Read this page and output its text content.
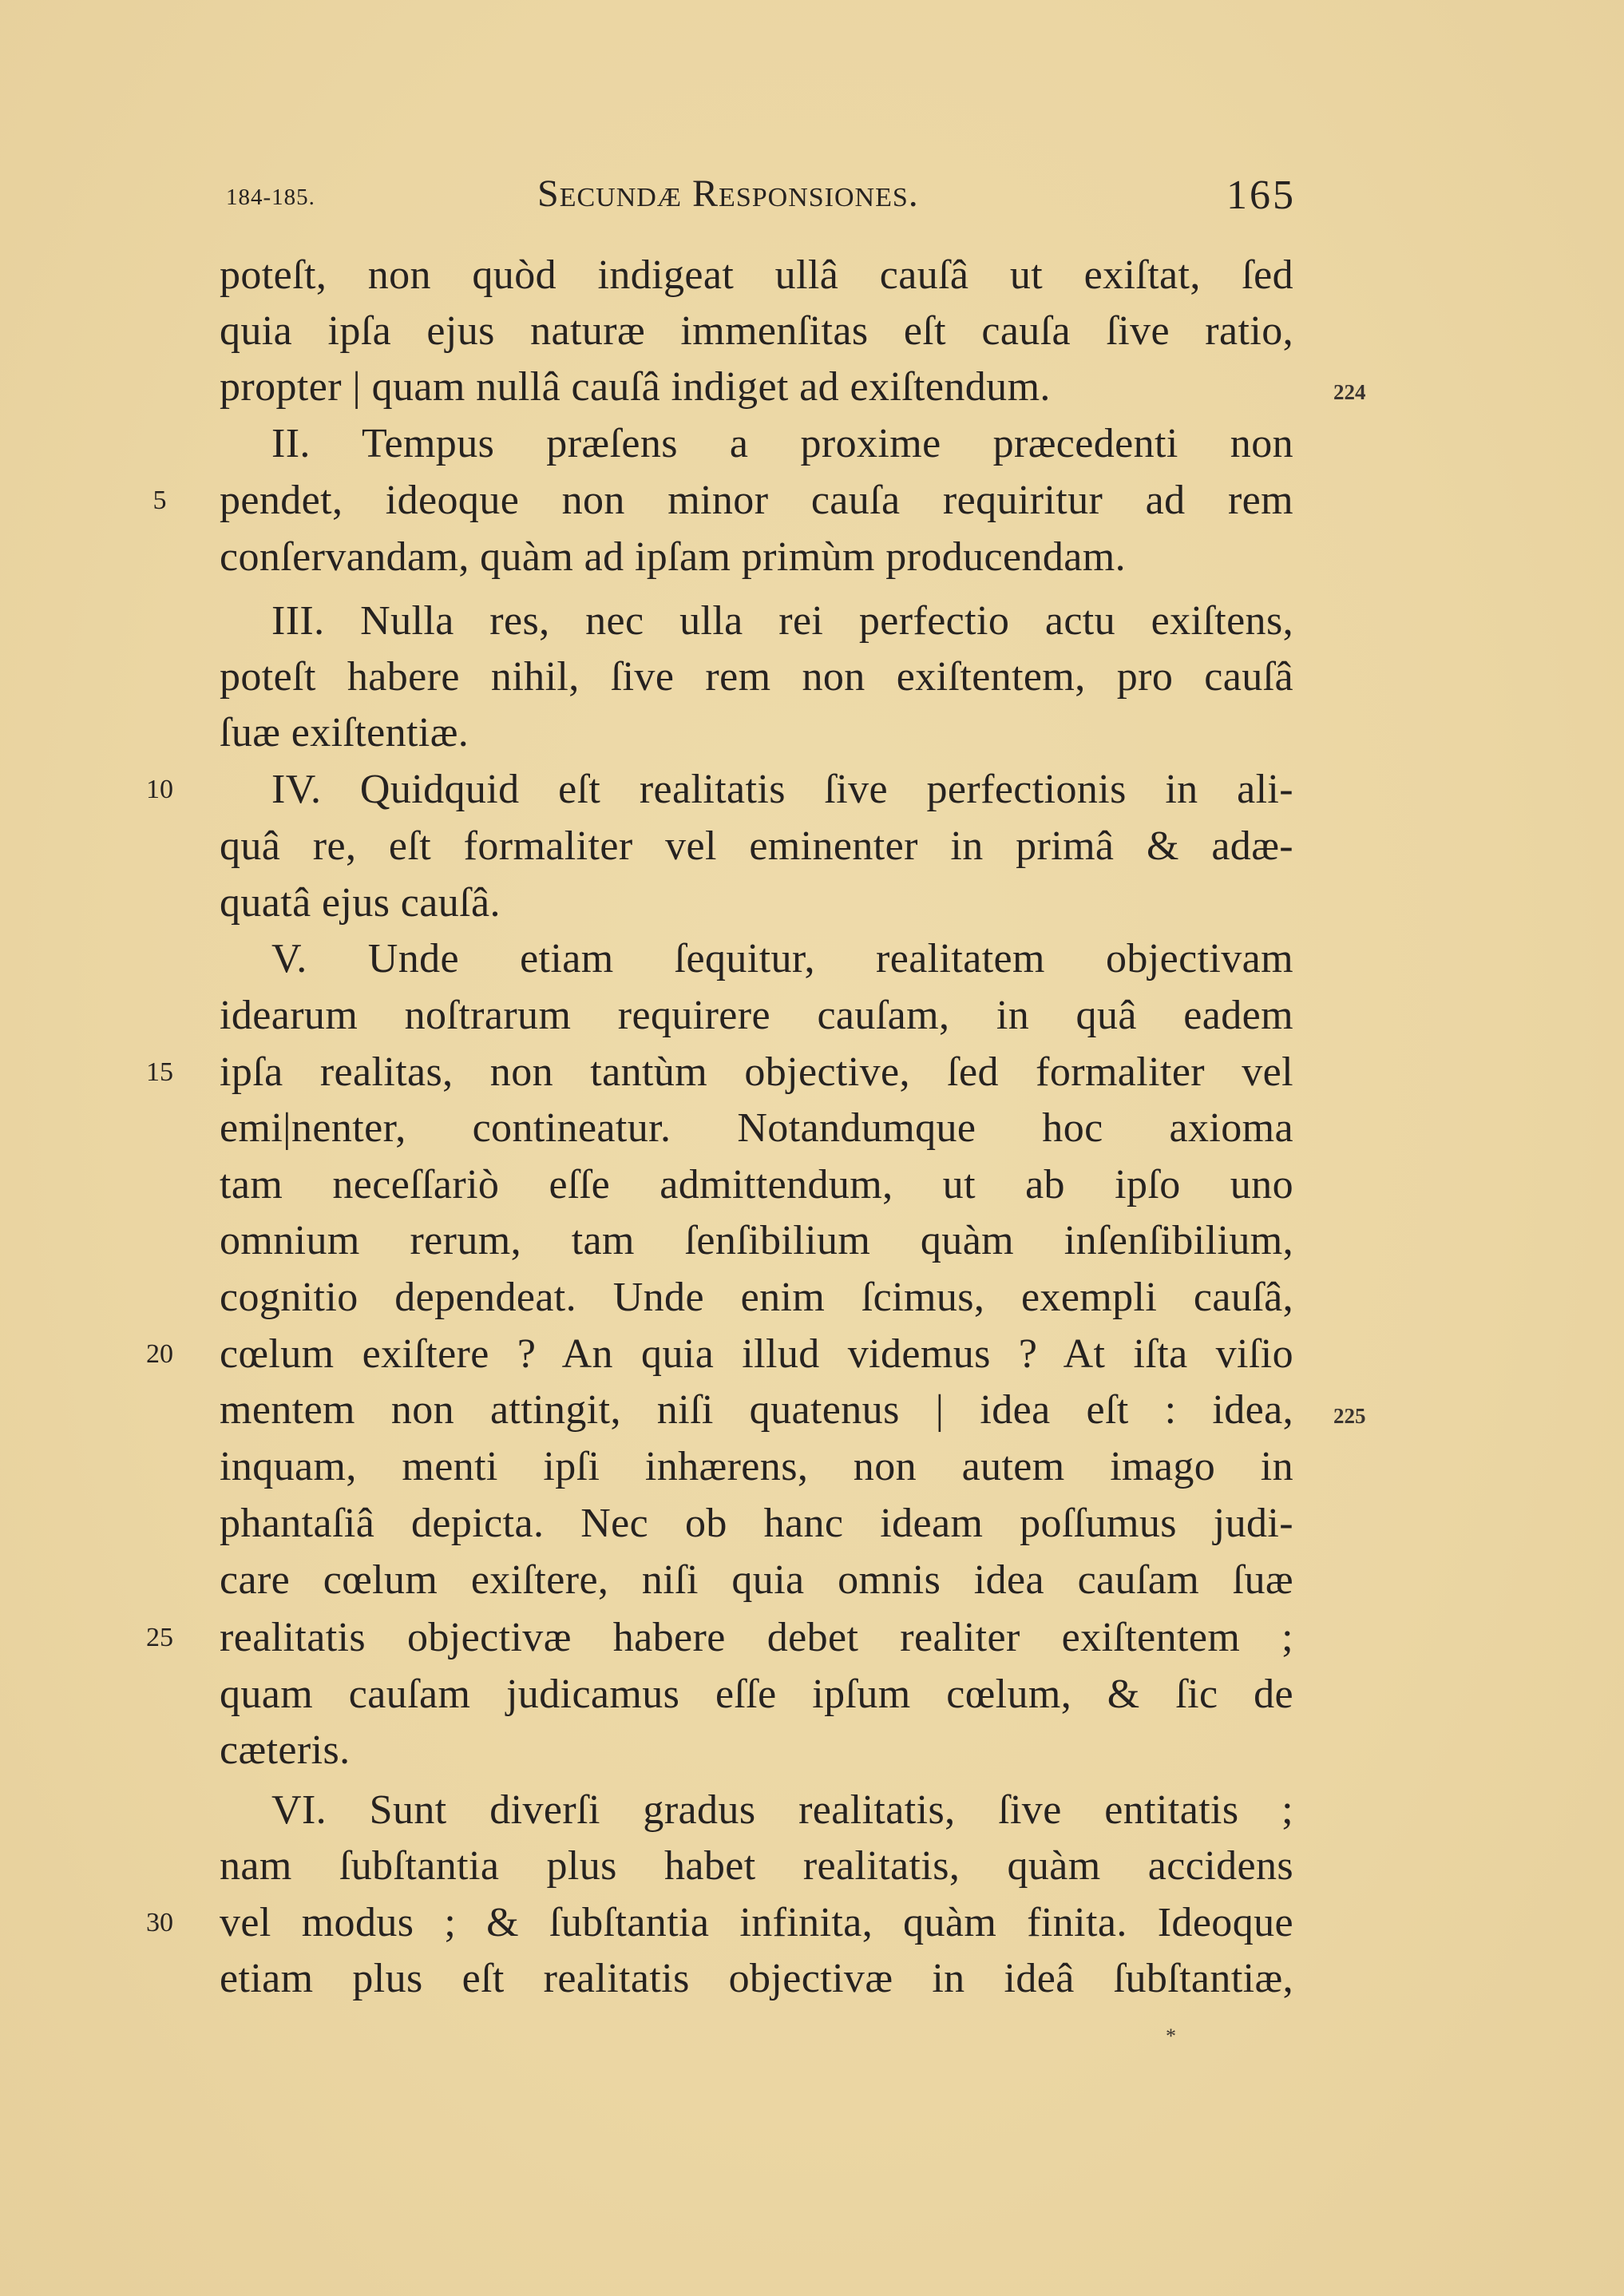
184-185.	Secundæ Responsiones.	165
poteſt, non quòd indigeat ullâ cauſâ ut exiſtat, ſed
quia ipſa ejus naturæ immenſitas eſt cauſa ſive ratio,
propter | quam nullâ cauſâ indiget ad exiſtendum.
II. Tempus præſens a proxime præcedenti non
pendet, ideoque non minor cauſa requiritur ad rem
conſervandam, quàm ad ipſam primùm producendam.
III. Nulla res, nec ulla rei perfectio actu exiſtens,
poteſt habere nihil, ſive rem non exiſtentem, pro cauſâ
ſuæ exiſtentiæ.
IV. Quidquid eſt realitatis ſive perfectionis in ali-
quâ re, eſt formaliter vel eminenter in primâ & adæ-
quatâ ejus cauſâ.
V. Unde etiam ſequitur, realitatem objectivam
idearum noſtrarum requirere cauſam, in quâ eadem
ipſa realitas, non tantùm objective, ſed formaliter vel
emi|nenter, contineatur. Notandumque hoc axioma
tam neceſſariò eſſe admittendum, ut ab ipſo uno
omnium rerum, tam ſenſibilium quàm inſenſibilium,
cognitio dependeat. Unde enim ſcimus, exempli cauſâ,
cœlum exiſtere ? An quia illud videmus ? At iſta viſio
mentem non attingit, niſi quatenus | idea eſt : idea,
inquam, menti ipſi inhærens, non autem imago in
phantaſiâ depicta. Nec ob hanc ideam poſſumus judi-
care cœlum exiſtere, niſi quia omnis idea cauſam ſuæ
realitatis objectivæ habere debet realiter exiſtentem ;
quam cauſam judicamus eſſe ipſum cœlum, & ſic de
cæteris.
VI. Sunt diverſi gradus realitatis, ſive entitatis ;
nam ſubſtantia plus habet realitatis, quàm accidens
vel modus ; & ſubſtantia infinita, quàm finita. Ideoque
etiam plus eſt realitatis objectivæ in ideâ ſubſtantiæ,
5
10
15
20
25
30
224
225
*
